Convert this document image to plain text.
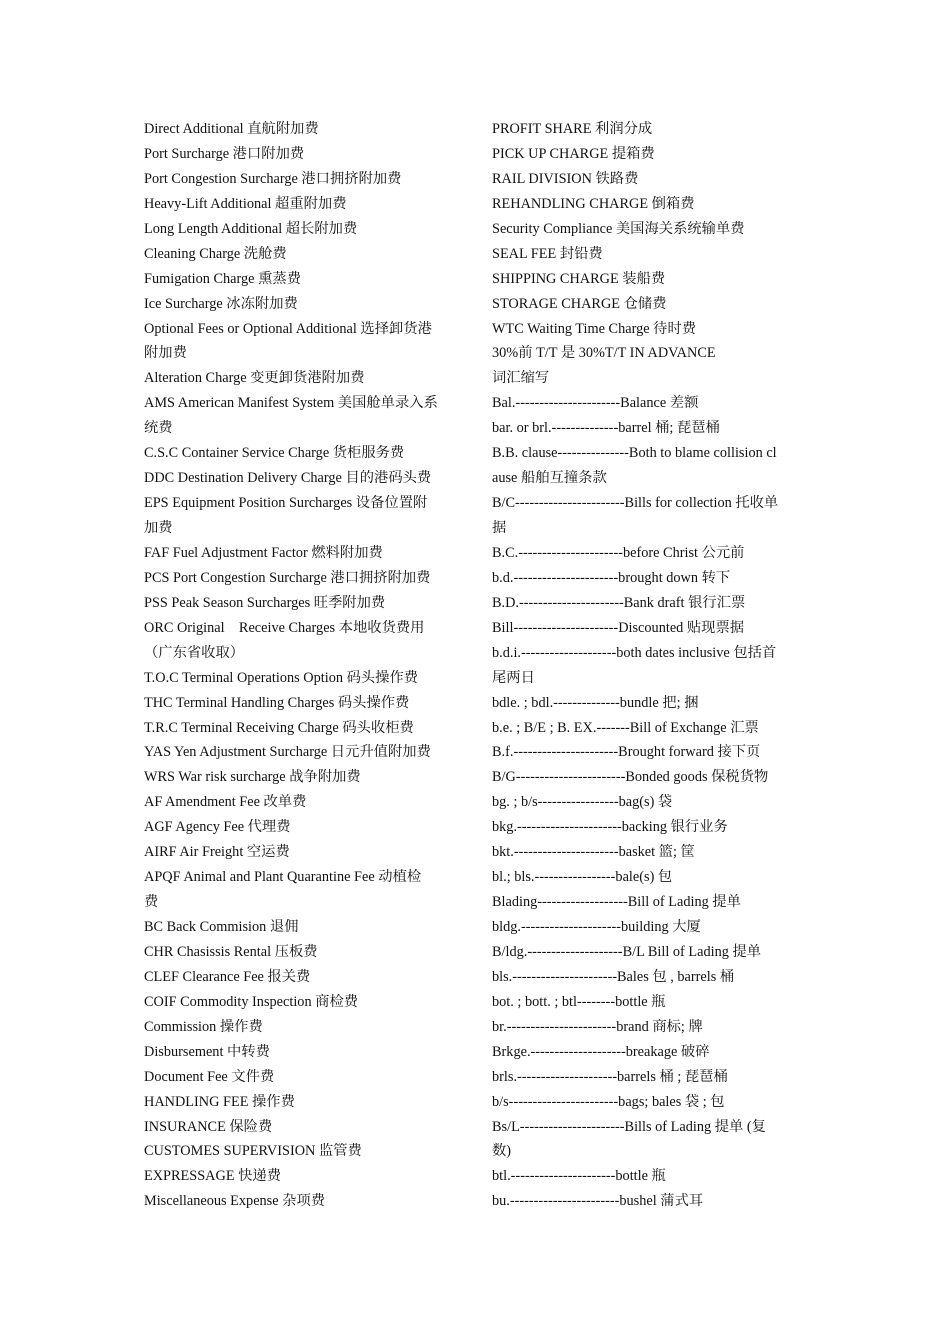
Direct Additional 直航附加费
Port Surcharge 港口附加费
Port Congestion Surcharge 港口拥挤附加费
Heavy-Lift Additional 超重附加费
Long Length Additional 超长附加费
Cleaning Charge 洗舱费
Fumigation Charge 熏蒸费
Ice Surcharge 冰冻附加费
Optional Fees or Optional Additional 选择卸货港
附加费
Alteration Charge 变更卸货港附加费
AMS American Manifest System 美国舱单录入系
统费
C.S.C Container Service Charge 货柜服务费
DDC Destination Delivery Charge 目的港码头费
EPS Equipment Position Surcharges 设备位置附
加费
FAF Fuel Adjustment Factor 燃料附加费
PCS Port Congestion Surcharge 港口拥挤附加费
PSS Peak Season Surcharges 旺季附加费
ORC Original　Receive Charges 本地收货费用
（广东省收取）
T.O.C Terminal Operations Option 码头操作费
THC Terminal Handling Charges 码头操作费
T.R.C Terminal Receiving Charge 码头收柜费
YAS Yen Adjustment Surcharge 日元升值附加费
WRS War risk surcharge 战争附加费
AF Amendment Fee 改单费
AGF Agency Fee 代理费
AIRF Air Freight 空运费
APQF Animal and Plant Quarantine Fee 动植检
费
BC Back Commision 退佣
CHR Chasissis Rental 压板费
CLEF Clearance Fee 报关费
COIF Commodity Inspection 商检费
Commission 操作费
Disbursement 中转费
Document Fee 文件费
HANDLING FEE 操作费
INSURANCE 保险费
CUSTOMES SUPERVISION 监管费
EXPRESSAGE 快递费
Miscellaneous Expense 杂项费
PROFIT SHARE 利润分成
PICK UP CHARGE 提箱费
RAIL DIVISION 铁路费
REHANDLING CHARGE 倒箱费
Security Compliance 美国海关系统输单费
SEAL FEE 封铅费
SHIPPING CHARGE 装船费
STORAGE CHARGE 仓储费
WTC Waiting Time Charge 待时费
30%前 T/T 是 30%T/T IN ADVANCE
词汇缩写
Bal.----------------------Balance 差额
bar. or brl.--------------barrel 桶; 琵琶桶
B.B. clause---------------Both to blame collision cl
ause 船舶互撞条款
B/C-----------------------Bills for collection 托收单
据
B.C.----------------------before Christ 公元前
b.d.----------------------brought down 转下
B.D.----------------------Bank draft 银行汇票
Bill----------------------Discounted 贴现票据
b.d.i.--------------------both dates inclusive 包括首
尾两日
bdle. ; bdl.--------------bundle 把; 捆
b.e. ; B/E ; B. EX.-------Bill of Exchange 汇票
B.f.----------------------Brought forward 接下页
B/G-----------------------Bonded goods 保税货物
bg. ; b/s-----------------bag(s) 袋
bkg.----------------------backing 银行业务
bkt.----------------------basket 篮; 筐
bl.; bls.-----------------bale(s) 包
Blading-------------------Bill of Lading 提单
bldg.---------------------building 大厦
B/ldg.--------------------B/L Bill of Lading 提单
bls.----------------------Bales 包 , barrels 桶
bot. ; bott. ; btl--------bottle 瓶
br.-----------------------brand 商标; 牌
Brkge.--------------------breakage 破碎
brls.---------------------barrels 桶 ; 琵琶桶
b/s-----------------------bags; bales 袋 ; 包
Bs/L----------------------Bills of Lading 提单 (复
数)
btl.----------------------bottle 瓶
bu.-----------------------bushel 蒲式耳
